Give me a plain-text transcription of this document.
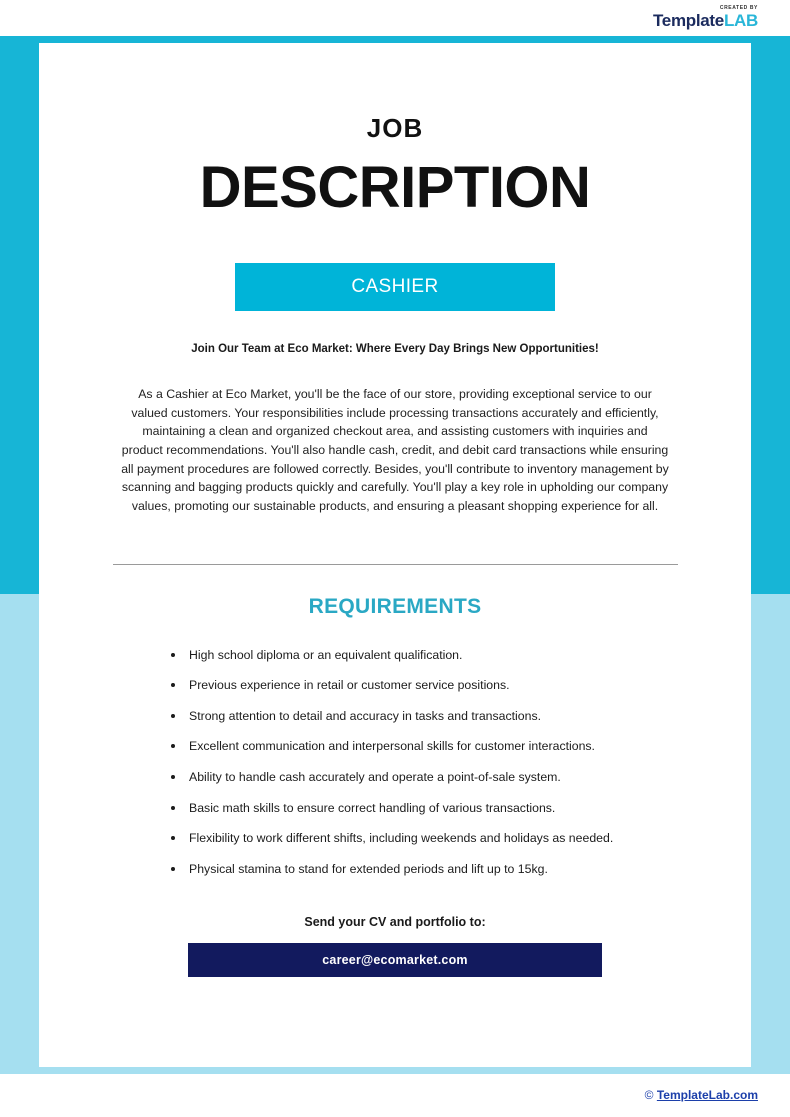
CREATED BY
TemplateLAB
JOB
DESCRIPTION
CASHIER
Join Our Team at Eco Market: Where Every Day Brings New Opportunities!
As a Cashier at Eco Market, you'll be the face of our store, providing exceptional service to our valued customers. Your responsibilities include processing transactions accurately and efficiently, maintaining a clean and organized checkout area, and assisting customers with inquiries and product recommendations. You'll also handle cash, credit, and debit card transactions while ensuring all payment procedures are followed correctly. Besides, you'll contribute to inventory management by scanning and bagging products quickly and carefully. You'll play a key role in upholding our company values, promoting our sustainable products, and ensuring a pleasant shopping experience for all.
REQUIREMENTS
High school diploma or an equivalent qualification.
Previous experience in retail or customer service positions.
Strong attention to detail and accuracy in tasks and transactions.
Excellent communication and interpersonal skills for customer interactions.
Ability to handle cash accurately and operate a point-of-sale system.
Basic math skills to ensure correct handling of various transactions.
Flexibility to work different shifts, including weekends and holidays as needed.
Physical stamina to stand for extended periods and lift up to 15kg.
Send your CV and portfolio to:
career@ecomarket.com
© TemplateLab.com
